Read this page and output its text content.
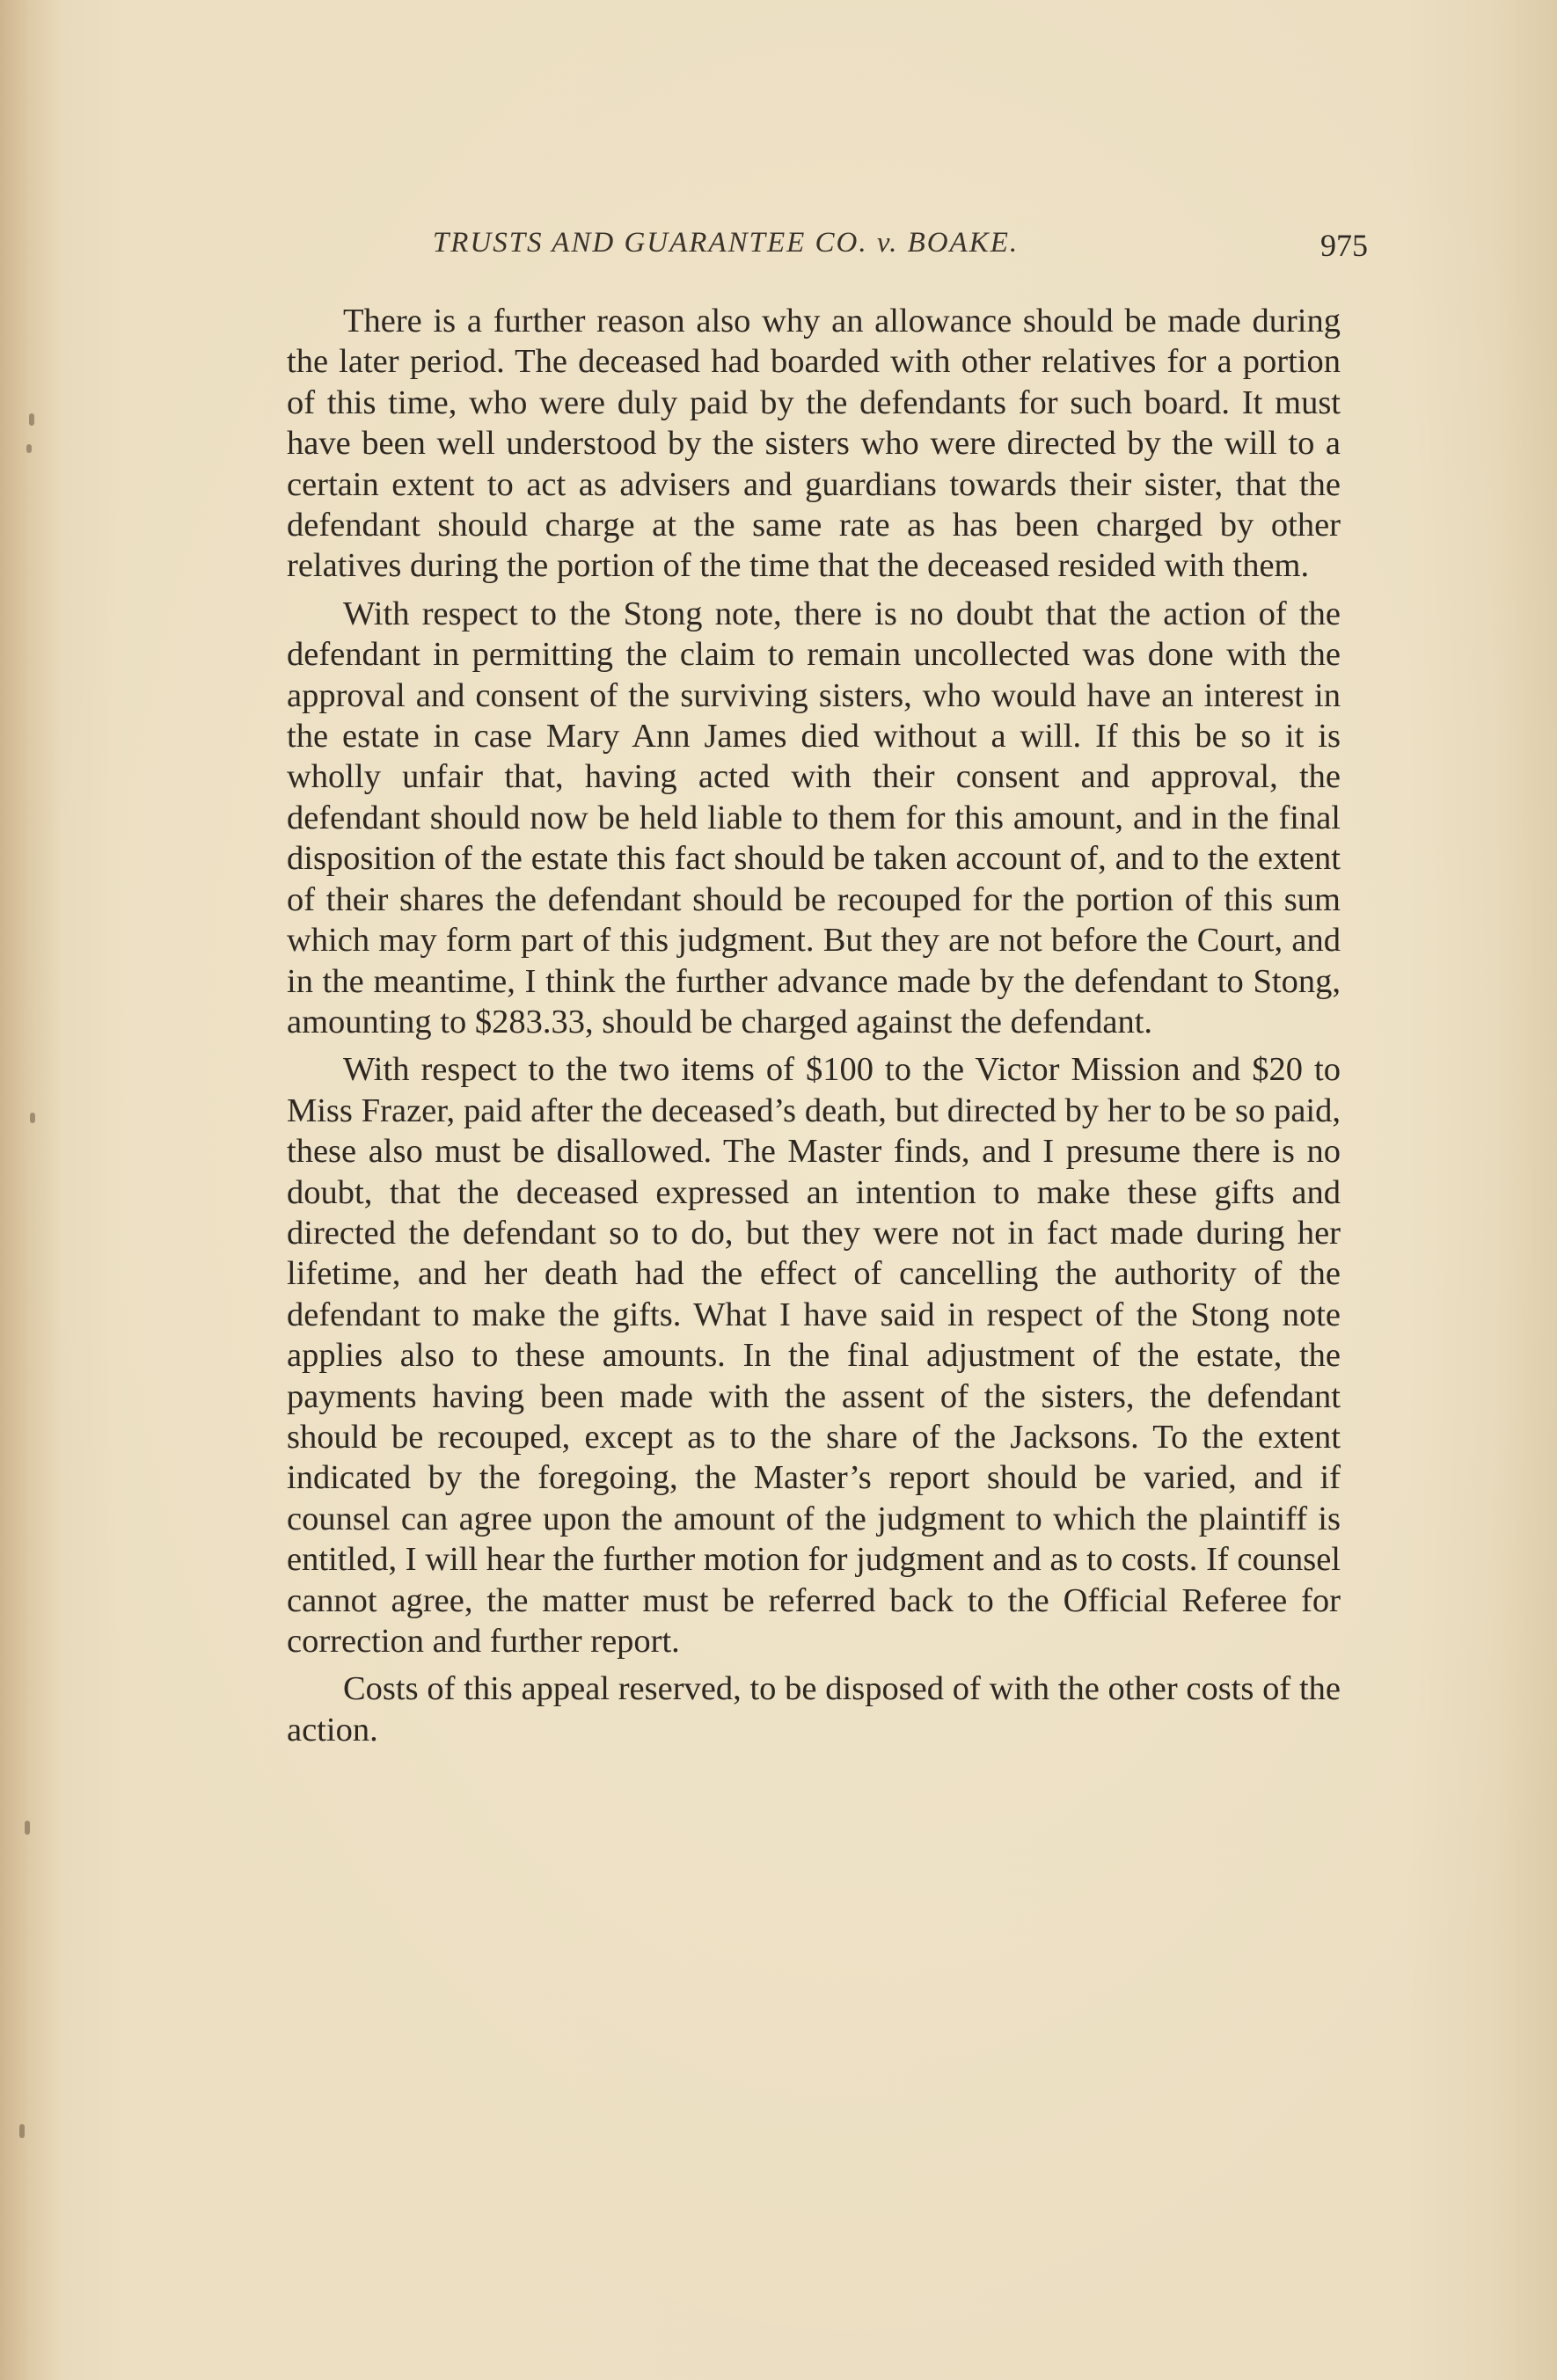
TRUSTS AND GUARANTEE CO. v. BOAKE.	975

There is a further reason also why an allowance should be made during the later period. The deceased had boarded with other relatives for a portion of this time, who were duly paid by the defendants for such board. It must have been well understood by the sisters who were directed by the will to a certain extent to act as advisers and guardians towards their sister, that the defendant should charge at the same rate as has been charged by other relatives during the portion of the time that the deceased resided with them.

With respect to the Stong note, there is no doubt that the action of the defendant in permitting the claim to remain uncollected was done with the approval and consent of the surviving sisters, who would have an interest in the estate in case Mary Ann James died without a will. If this be so it is wholly unfair that, having acted with their consent and approval, the defendant should now be held liable to them for this amount, and in the final disposition of the estate this fact should be taken account of, and to the extent of their shares the defendant should be recouped for the portion of this sum which may form part of this judgment. But they are not before the Court, and in the meantime, I think the further advance made by the defendant to Stong, amounting to $283.33, should be charged against the defendant.

With respect to the two items of $100 to the Victor Mission and $20 to Miss Frazer, paid after the deceased’s death, but directed by her to be so paid, these also must be disallowed. The Master finds, and I presume there is no doubt, that the deceased expressed an intention to make these gifts and directed the defendant so to do, but they were not in fact made during her lifetime, and her death had the effect of cancelling the authority of the defendant to make the gifts. What I have said in respect of the Stong note applies also to these amounts. In the final adjustment of the estate, the payments having been made with the assent of the sisters, the defendant should be recouped, except as to the share of the Jacksons. To the extent indicated by the foregoing, the Master’s report should be varied, and if counsel can agree upon the amount of the judgment to which the plaintiff is entitled, I will hear the further motion for judgment and as to costs. If counsel cannot agree, the matter must be referred back to the Official Referee for correction and further report.

Costs of this appeal reserved, to be disposed of with the other costs of the action.
